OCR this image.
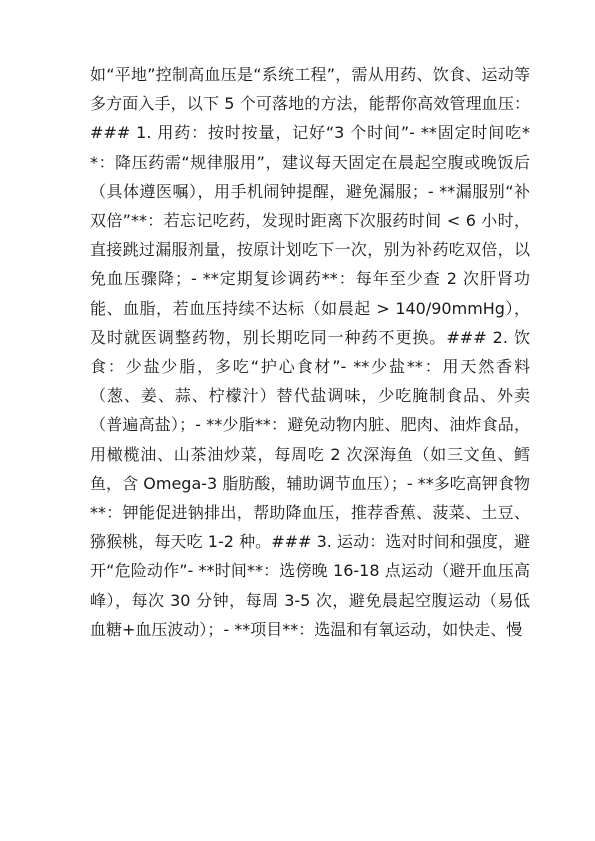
如“平地”控制高血压是“系统工程”，需从用药、饮食、运动等多方面入手，以下 5 个可落地的方法，能帮你高效管理血压：### 1. 用药：按时按量，记好“3 个时间”- **固定时间吃**：降压药需“规律服用”，建议每天固定在晨起空腹或晚饭后（具体遵医嘱），用手机闹钟提醒，避免漏服；- **漏服别“补双倍”**：若忘记吃药，发现时距离下次服药时间 < 6 小时，直接跳过漏服剂量，按原计划吃下一次，别为补药吃双倍，以免血压骤降；- **定期复诊调药**：每年至少查 2 次肝肾功能、血脂，若血压持续不达标（如晨起 > 140/90mmHg），及时就医调整药物，别长期吃同一种药不更换。### 2. 饮食：少盐少脂，多吃“护心食材”- **少盐**：用天然香料（葱、姜、蒜、柠檬汁）替代盐调味，少吃腌制食品、外卖（普遍高盐）；- **少脂**：避免动物内脏、肥肉、油炸食品，用橄榄油、山茶油炒菜，每周吃 2 次深海鱼（如三文鱼、鳕鱼，含 Omega-3 脂肪酸，辅助调节血压）；- **多吃高钾食物**：钾能促进钠排出，帮助降血压，推荐香蕉、菠菜、土豆、猕猴桃，每天吃 1-2 种。### 3. 运动：选对时间和强度，避开“危险动作”- **时间**：选傍晚 16-18 点运动（避开血压高峰），每次 30 分钟，每周 3-5 次，避免晨起空腹运动（易低血糖+血压波动）；- **项目**：选温和有氧运动，如快走、慢
